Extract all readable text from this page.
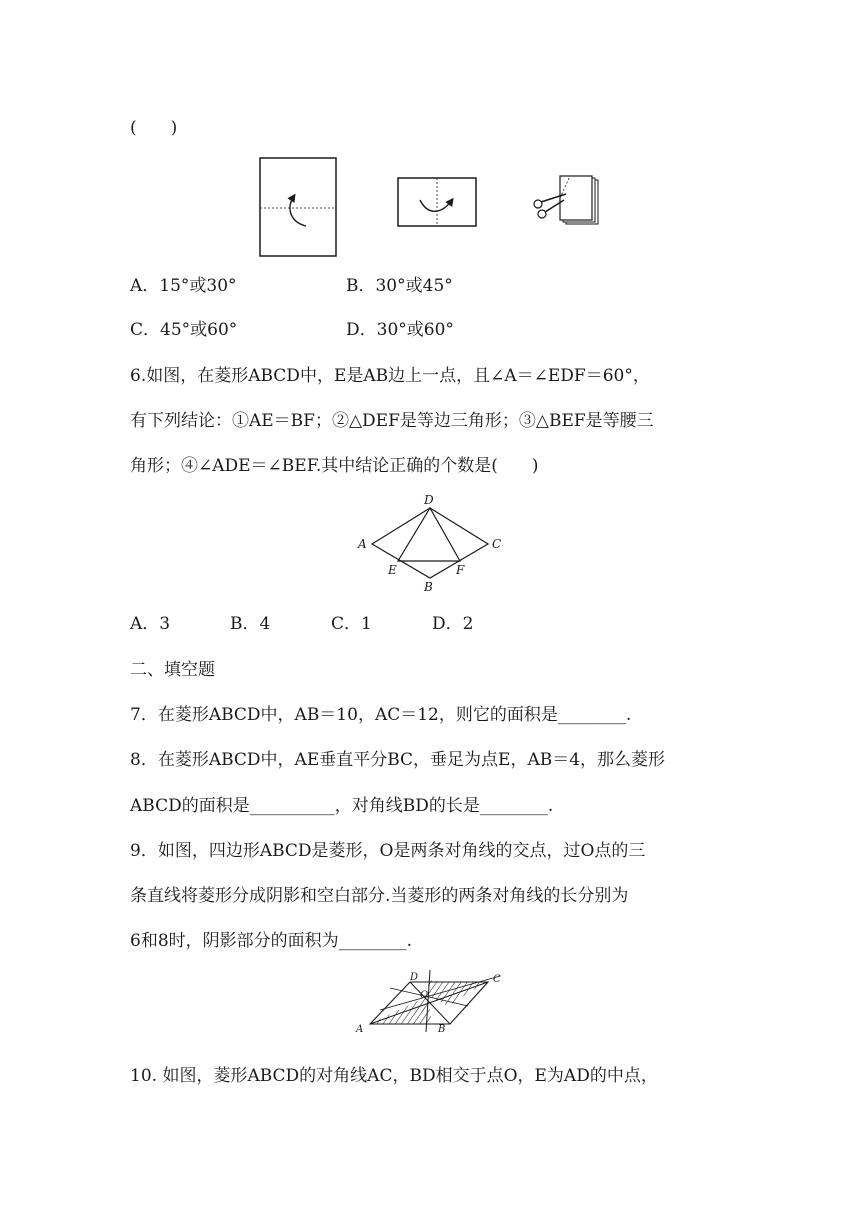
(　　)
A．15°或30°	B．30°或45°
C．45°或60°	D．30°或60°
6.如图，在菱形ABCD中，E是AB边上一点，且∠A＝∠EDF＝60°，
有下列结论：①AE＝BF；②△DEF是等边三角形；③△BEF是等腰三
角形；④∠ADE＝∠BEF.其中结论正确的个数是(　　)
D
A	C
E	F
B
A．3	B．4	C．1	D．2
二、填空题
7．在菱形ABCD中，AB＝10，AC＝12，则它的面积是________.
8．在菱形ABCD中，AE垂直平分BC，垂足为点E，AB＝4，那么菱形
ABCD的面积是__________，对角线BD的长是________.
9．如图，四边形ABCD是菱形，O是两条对角线的交点，过O点的三
条直线将菱形分成阴影和空白部分.当菱形的两条对角线的长分别为
6和8时，阴影部分的面积为________.
D	C
O
A	B
10. 如图，菱形ABCD的对角线AC，BD相交于点O，E为AD的中点，
